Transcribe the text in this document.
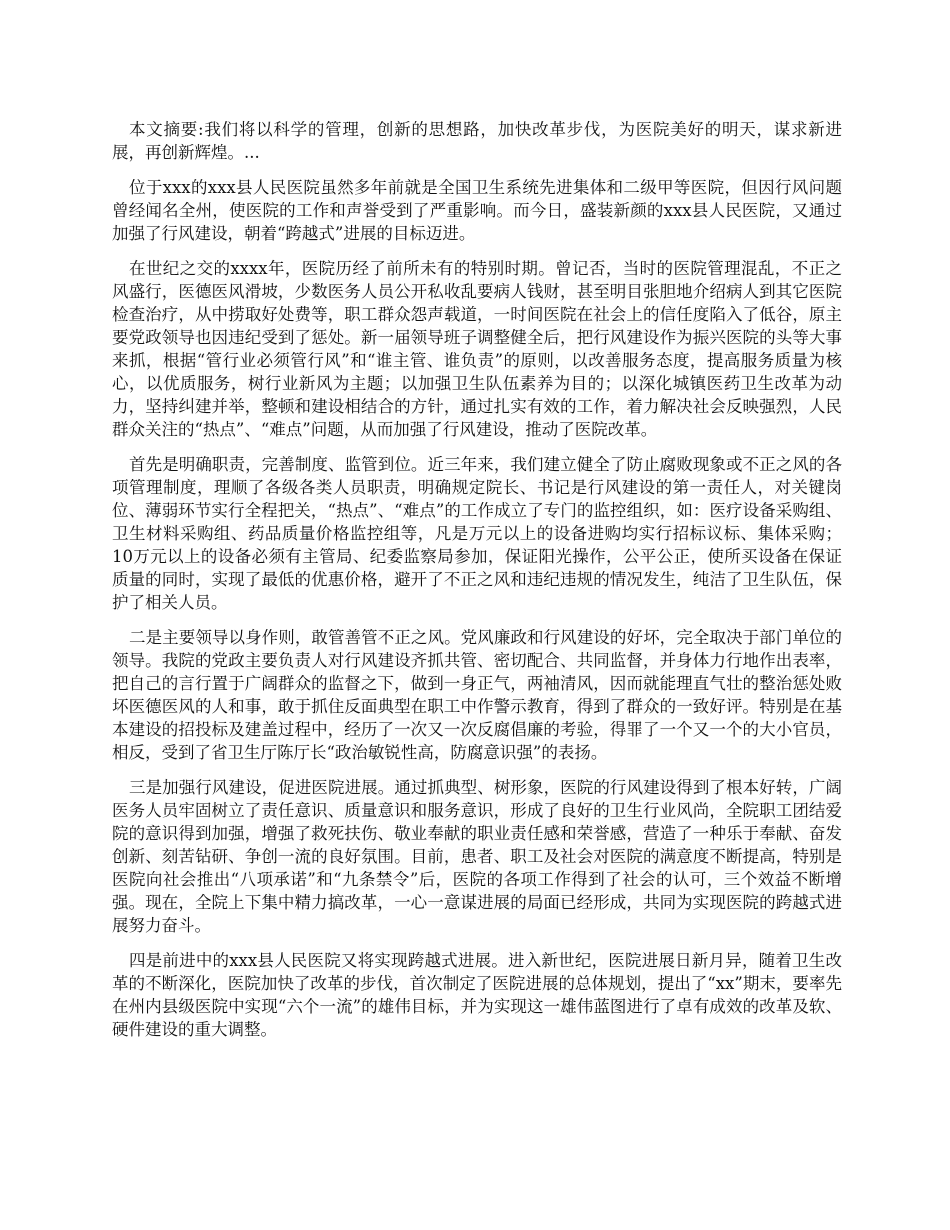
本文摘要:我们将以科学的管理，创新的思想路，加快改革步伐，为医院美好的明天，谋求新进展，再创新辉煌。...

位于xxx的xxx县人民医院虽然多年前就是全国卫生系统先进集体和二级甲等医院，但因行风问题曾经闻名全州，使医院的工作和声誉受到了严重影响。而今日，盛装新颜的xxx县人民医院，又通过加强了行风建设，朝着“跨越式”进展的目标迈进。

在世纪之交的xxxx年，医院历经了前所未有的特别时期。曾记否，当时的医院管理混乱，不正之风盛行，医德医风滑坡，少数医务人员公开私收乱要病人钱财，甚至明目张胆地介绍病人到其它医院检查治疗，从中捞取好处费等，职工群众怨声载道，一时间医院在社会上的信任度陷入了低谷，原主要党政领导也因违纪受到了惩处。新一届领导班子调整健全后，把行风建设作为振兴医院的头等大事来抓，根据“管行业必须管行风”和“谁主管、谁负责”的原则，以改善服务态度，提高服务质量为核心，以优质服务，树行业新风为主题；以加强卫生队伍素养为目的；以深化城镇医药卫生改革为动力，坚持纠建并举，整顿和建设相结合的方针，通过扎实有效的工作，着力解决社会反映强烈，人民群众关注的“热点”、“难点”问题，从而加强了行风建设，推动了医院改革。

首先是明确职责，完善制度、监管到位。近三年来，我们建立健全了防止腐败现象或不正之风的各项管理制度，理顺了各级各类人员职责，明确规定院长、书记是行风建设的第一责任人，对关键岗位、薄弱环节实行全程把关，“热点”、“难点”的工作成立了专门的监控组织，如：医疗设备采购组、卫生材料采购组、药品质量价格监控组等，凡是万元以上的设备进购均实行招标议标、集体采购；10万元以上的设备必须有主管局、纪委监察局参加，保证阳光操作，公平公正，使所买设备在保证质量的同时，实现了最低的优惠价格，避开了不正之风和违纪违规的情况发生，纯洁了卫生队伍，保护了相关人员。

二是主要领导以身作则，敢管善管不正之风。党风廉政和行风建设的好坏，完全取决于部门单位的领导。我院的党政主要负责人对行风建设齐抓共管、密切配合、共同监督，并身体力行地作出表率，把自己的言行置于广阔群众的监督之下，做到一身正气，两袖清风，因而就能理直气壮的整治惩处败坏医德医风的人和事，敢于抓住反面典型在职工中作警示教育，得到了群众的一致好评。特别是在基本建设的招投标及建盖过程中，经历了一次又一次反腐倡廉的考验，得罪了一个又一个的大小官员，相反，受到了省卫生厅陈厅长“政治敏锐性高，防腐意识强”的表扬。

三是加强行风建设，促进医院进展。通过抓典型、树形象，医院的行风建设得到了根本好转，广阔医务人员牢固树立了责任意识、质量意识和服务意识，形成了良好的卫生行业风尚，全院职工团结爱院的意识得到加强，增强了救死扶伤、敬业奉献的职业责任感和荣誉感，营造了一种乐于奉献、奋发创新、刻苦钻研、争创一流的良好氛围。目前，患者、职工及社会对医院的满意度不断提高，特别是医院向社会推出“八项承诺”和“九条禁令”后，医院的各项工作得到了社会的认可，三个效益不断增强。现在，全院上下集中精力搞改革，一心一意谋进展的局面已经形成，共同为实现医院的跨越式进展努力奋斗。

四是前进中的xxx县人民医院又将实现跨越式进展。进入新世纪，医院进展日新月异，随着卫生改革的不断深化，医院加快了改革的步伐，首次制定了医院进展的总体规划，提出了“xx”期末，要率先在州内县级医院中实现“六个一流”的雄伟目标，并为实现这一雄伟蓝图进行了卓有成效的改革及软、硬件建设的重大调整。
